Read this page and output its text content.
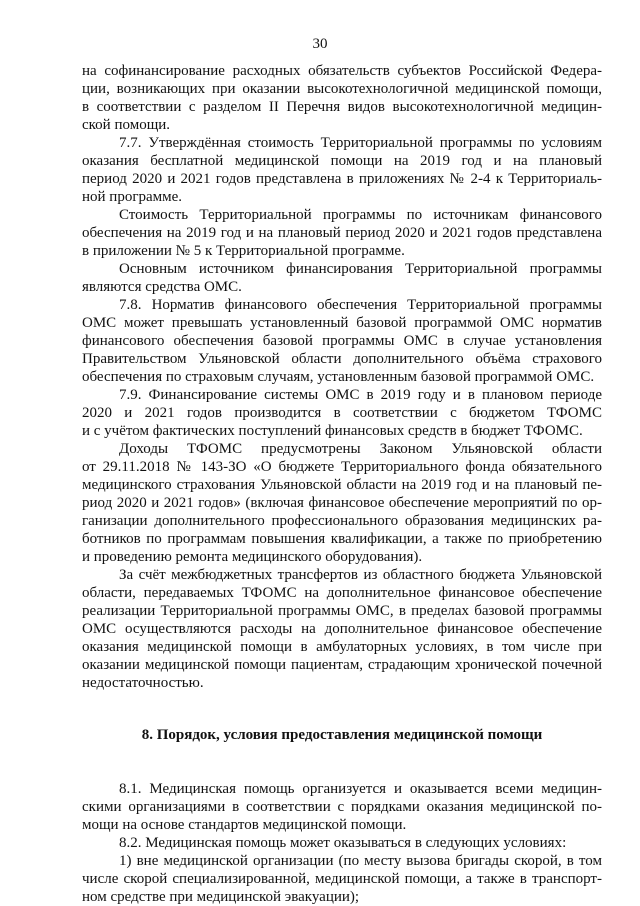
30
на софинансирование расходных обязательств субъектов Российской Федера-
ции, возникающих при оказании высокотехнологичной медицинской помощи,
в соответствии с разделом II Перечня видов высокотехнологичной медицин-
ской помощи.
7.7. Утверждённая стоимость Территориальной программы по условиям
оказания бесплатной медицинской помощи на 2019 год и на плановый
период 2020 и 2021 годов представлена в приложениях № 2-4 к Территориаль-
ной программе.
Стоимость Территориальной программы по источникам финансового
обеспечения на 2019 год и на плановый период 2020 и 2021 годов представлена
в приложении № 5 к Территориальной программе.
Основным источником финансирования Территориальной программы
являются средства ОМС.
7.8. Норматив финансового обеспечения Территориальной программы
ОМС может превышать установленный базовой программой ОМС норматив
финансового обеспечения базовой программы ОМС в случае установления
Правительством Ульяновской области дополнительного объёма страхового
обеспечения по страховым случаям, установленным базовой программой ОМС.
7.9. Финансирование системы ОМС в 2019 году и в плановом периоде
2020 и 2021 годов производится в соответствии с бюджетом ТФОМС
и с учётом фактических поступлений финансовых средств в бюджет ТФОМС.
Доходы ТФОМС предусмотрены Законом Ульяновской области
от 29.11.2018 № 143-ЗО «О бюджете Территориального фонда обязательного
медицинского страхования Ульяновской области на 2019 год и на плановый пе-
риод 2020 и 2021 годов» (включая финансовое обеспечение мероприятий по ор-
ганизации дополнительного профессионального образования медицинских ра-
ботников по программам повышения квалификации, а также по приобретению
и проведению ремонта медицинского оборудования).
За счёт межбюджетных трансфертов из областного бюджета Ульяновской
области, передаваемых ТФОМС на дополнительное финансовое обеспечение
реализации Территориальной программы ОМС, в пределах базовой программы
ОМС осуществляются расходы на дополнительное финансовое обеспечение
оказания медицинской помощи в амбулаторных условиях, в том числе при
оказании медицинской помощи пациентам, страдающим хронической почечной
недостаточностью.
8. Порядок, условия предоставления медицинской помощи
8.1. Медицинская помощь организуется и оказывается всеми медицин-
скими организациями в соответствии с порядками оказания медицинской по-
мощи на основе стандартов медицинской помощи.
8.2. Медицинская помощь может оказываться в следующих условиях:
1) вне медицинской организации (по месту вызова бригады скорой, в том
числе скорой специализированной, медицинской помощи, а также в транспорт-
ном средстве при медицинской эвакуации);
